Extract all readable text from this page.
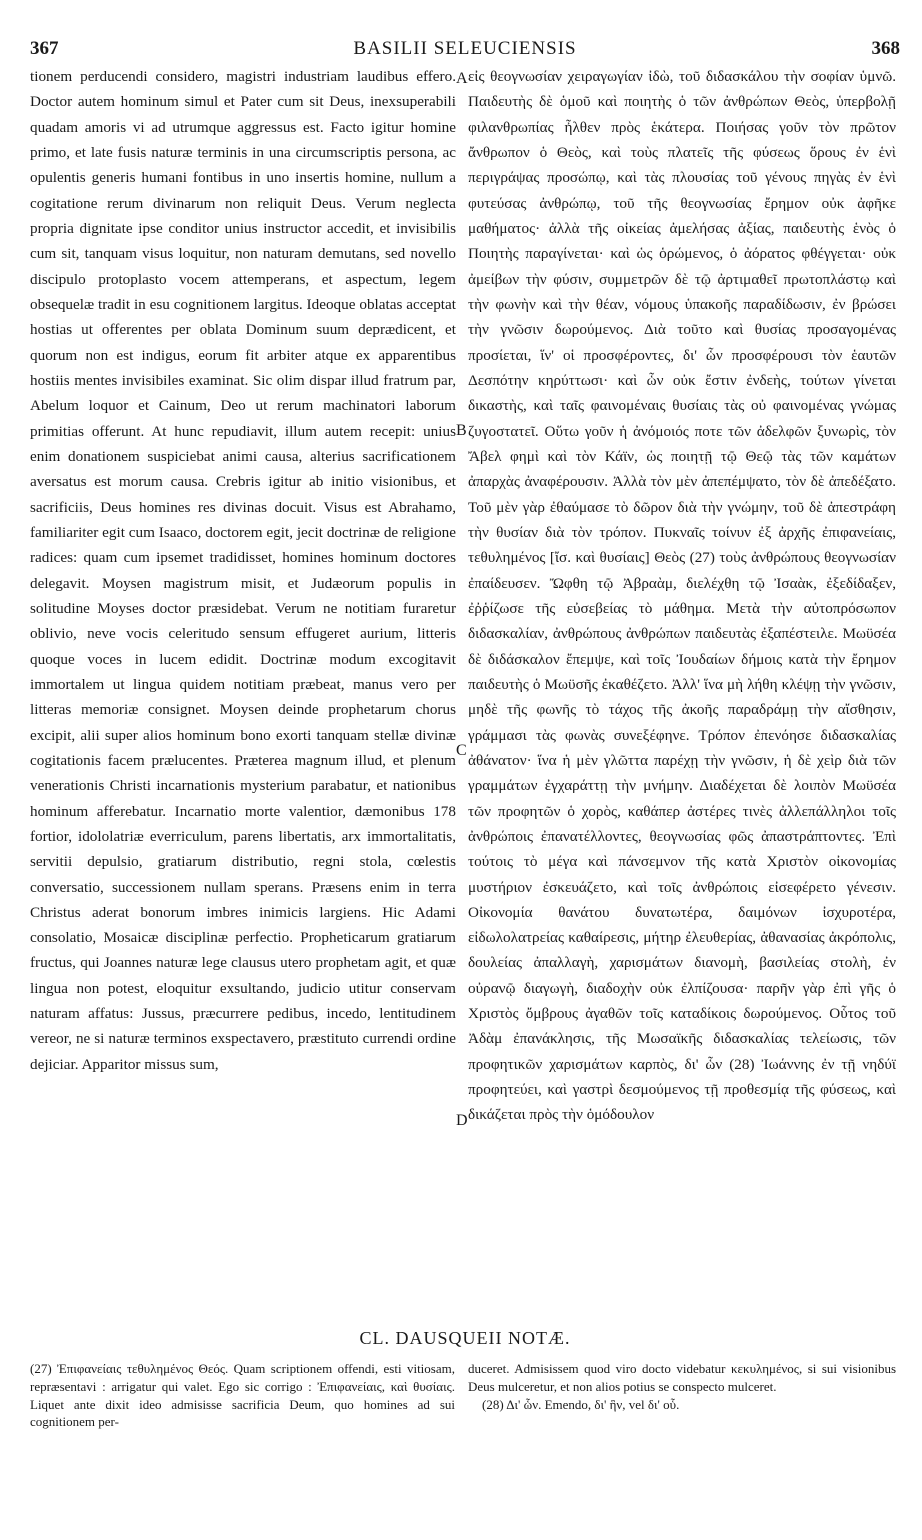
367	BASILII SELEUCIENSIS	368

tionem perducendi considero, magistri industriam laudibus effero. Doctor autem hominum simul et Pater cum sit Deus, inexsuperabili quadam amoris vi ad utrumque aggressus est. Facto igitur homine primo, et late fusis naturæ terminis in una circumscriptis persona, ac opulentis generis humani fontibus in uno insertis homine, nullum a cogitatione rerum divinarum non reliquit Deus. Verum neglecta propria dignitate ipse conditor unius instructor accedit, et invisibilis cum sit, tanquam visus loquitur, non naturam demutans, sed novello discipulo protoplasto vocem attemperans, et aspectum, legem obsequelæ tradit in esu cognitionem largitus. Ideoque oblatas acceptat hostias ut offerentes per oblata Dominum suum deprædicent, et quorum non est indigus, eorum fit arbiter atque ex apparentibus hostiis mentes invisibiles examinat. Sic olim dispar illud fratrum par, Abelum loquor et Cainum, Deo ut rerum machinatori laborum primitias offerunt. At hunc repudiavit, illum autem recepit: unius enim donationem suspiciebat animi causa, alterius sacrificationem aversatus est morum causa. Crebris igitur ab initio visionibus, et sacrificiis, Deus homines res divinas docuit. Visus est Abrahamo, familiariter egit cum Isaaco, doctorem egit, jecit doctrinæ de religione radices: quam cum ipsemet tradidisset, homines hominum doctores delegavit. Moysen magistrum misit, et Judæorum populis in solitudine Moyses doctor præsidebat. Verum ne notitiam furaretur oblivio, neve vocis celeritudo sensum effugeret aurium, litteris quoque voces in lucem edidit. Doctrinæ modum excogitavit immortalem ut lingua quidem notitiam præbeat, manus vero per litteras memoriæ consignet. Moysen deinde prophetarum chorus excipit, alii super alios hominum bono exorti tanquam stellæ divinæ cogitationis facem prælucentes. Præterea magnum illud, et plenum venerationis Christi incarnationis mysterium parabatur, et nationibus hominum afferebatur. Incarnatio morte valentior, dæmonibus 178 fortior, idololatriæ everriculum, parens libertatis, arx immortalitatis, servitii depulsio, gratiarum distributio, regni stola, cœlestis conversatio, successionem nullam sperans. Præsens enim in terra Christus aderat bonorum imbres inimicis largiens. Hic Adami consolatio, Mosaicæ disciplinæ perfectio. Propheticarum gratiarum fructus, qui Joannes naturæ lege clausus utero prophetam agit, et quæ lingua non potest, eloquitur exsultando, judicio utitur conservam naturam affatus: Jussus, præcurrere pedibus, incedo, lentitudinem vereor, ne si naturæ terminos exspectavero, præstituto currendi ordine dejiciar. Apparitor missus sum,

A
B
C
D

εἰς θεογνωσίαν χειραγωγίαν ἰδὼ, τοῦ διδασκάλου τὴν σοφίαν ὑμνῶ. Παιδευτὴς δὲ ὁμοῦ καὶ ποιητὴς ὁ τῶν ἀνθρώπων Θεὸς, ὑπερβολῇ φιλανθρωπίας ἦλθεν πρὸς ἑκάτερα. Ποιήσας γοῦν τὸν πρῶτον ἄνθρωπον ὁ Θεὸς, καὶ τοὺς πλατεῖς τῆς φύσεως ὅρους ἐν ἑνὶ περιγράψας προσώπῳ, καὶ τὰς πλουσίας τοῦ γένους πηγὰς ἐν ἑνὶ φυτεύσας ἀνθρώπῳ, τοῦ τῆς θεογνωσίας ἔρημον οὐκ ἀφῆκε μαθήματος· ἀλλὰ τῆς οἰκείας ἀμελήσας ἀξίας, παιδευτὴς ἑνὸς ὁ Ποιητὴς παραγίνεται· καὶ ὡς ὁρώμενος, ὁ ἀόρατος φθέγγεται· οὐκ ἀμείβων τὴν φύσιν, συμμετρῶν δὲ τῷ ἀρτιμαθεῖ πρωτοπλάστῳ καὶ τὴν φωνὴν καὶ τὴν θέαν, νόμους ὑπακοῆς παραδίδωσιν, ἐν βρώσει τὴν γνῶσιν δωρούμενος. Διὰ τοῦτο καὶ θυσίας προσαγομένας προσίεται, ἵν' οἱ προσφέροντες, δι' ὧν προσφέρουσι τὸν ἑαυτῶν Δεσπότην κηρύττωσι· καὶ ὧν οὐκ ἔστιν ἐνδεὴς, τούτων γίνεται δικαστὴς, καὶ ταῖς φαινομέναις θυσίαις τὰς οὐ φαινομένας γνώμας ζυγοστατεῖ. Οὕτω γοῦν ἡ ἀνόμοιός ποτε τῶν ἀδελφῶν ξυνωρὶς, τὸν Ἄβελ φημὶ καὶ τὸν Κάϊν, ὡς ποιητῇ τῷ Θεῷ τὰς τῶν καμάτων ἀπαρχὰς ἀναφέρουσιν. Ἀλλὰ τὸν μὲν ἀπεπέμψατο, τὸν δὲ ἀπεδέξατο. Τοῦ μὲν γὰρ ἐθαύμασε τὸ δῶρον διὰ τὴν γνώμην, τοῦ δὲ ἀπεστράφη τὴν θυσίαν διὰ τὸν τρόπον. Πυκναῖς τοίνυν ἐξ ἀρχῆς ἐπιφανείαις, τεθυλημένος [ἴσ. καὶ θυσίαις] Θεὸς (27) τοὺς ἀνθρώπους θεογνωσίαν ἐπαίδευσεν. Ὤφθη τῷ Ἀβραὰμ, διελέχθη τῷ Ἰσαὰκ, ἐξεδίδαξεν, ἐῤῥίζωσε τῆς εὐσεβείας τὸ μάθημα. Μετὰ τὴν αὐτοπρόσωπον διδασκαλίαν, ἀνθρώπους ἀνθρώπων παιδευτὰς ἐξαπέστειλε. Μωϋσέα δὲ διδάσκαλον ἔπεμψε, καὶ τοῖς Ἰουδαίων δήμοις κατὰ τὴν ἔρημον παιδευτὴς ὁ Μωϋσῆς ἐκαθέζετο. Ἀλλ' ἵνα μὴ λήθη κλέψῃ τὴν γνῶσιν, μηδὲ τῆς φωνῆς τὸ τάχος τῆς ἀκοῆς παραδράμῃ τὴν αἴσθησιν, γράμμασι τὰς φωνὰς συνεξέφηνε. Τρόπον ἐπενόησε διδασκαλίας ἀθάνατον· ἵνα ἡ μὲν γλῶττα παρέχῃ τὴν γνῶσιν, ἡ δὲ χεὶρ διὰ τῶν γραμμάτων ἐγχαράττῃ τὴν μνήμην. Διαδέχεται δὲ λοιπὸν Μωϋσέα τῶν προφητῶν ὁ χορὸς, καθάπερ ἀστέρες τινὲς ἀλλεπάλληλοι τοῖς ἀνθρώποις ἐπανατέλλοντες, θεογνωσίας φῶς ἀπαστράπτοντες. Ἐπὶ τούτοις τὸ μέγα καὶ πάνσεμνον τῆς κατὰ Χριστὸν οἰκονομίας μυστήριον ἐσκευάζετο, καὶ τοῖς ἀνθρώποις εἰσεφέρετο γένεσιν. Οἰκονομία θανάτου δυνατωτέρα, δαιμόνων ἰσχυροτέρα, εἰδωλολατρείας καθαίρεσις, μήτηρ ἐλευθερίας, ἀθανασίας ἀκρόπολις, δουλείας ἀπαλλαγὴ, χαρισμάτων διανομὴ, βασιλείας στολὴ, ἐν οὐρανῷ διαγωγὴ, διαδοχὴν οὐκ ἐλπίζουσα· παρῆν γὰρ ἐπὶ γῆς ὁ Χριστὸς ὄμβρους ἀγαθῶν τοῖς καταδίκοις δωρούμενος. Οὗτος τοῦ Ἀδὰμ ἐπανάκλησις, τῆς Μωσαϊκῆς διδασκαλίας τελείωσις, τῶν προφητικῶν χαρισμάτων καρπὸς, δι' ὧν (28) Ἰωάννης ἐν τῇ νηδύϊ προφητεύει, καὶ γαστρὶ δεσμούμενος τῇ προθεσμίᾳ τῆς φύσεως, καὶ δικάζεται πρὸς τὴν ὁμόδουλον

CL. DAUSQUEII NOTÆ.

(27) Ἐπιφανείαις τεθυλημένος Θεός. Quam scriptionem offendi, esti vitiosam, repræsentavi : arrigatur qui valet. Ego sic corrigo : Ἐπιφανείαις, καὶ θυσίαις. Liquet ante dixit ideo admisisse sacrificia Deum, quo homines ad sui cognitionem per-

duceret. Admisissem quod viro docto videbatur κεκυλημένος, si sui visionibus Deus mulceretur, et non alios potius se conspecto mulceret.

(28) Δι' ὧν. Emendo, δι' ἣν, vel δι' οὗ.
